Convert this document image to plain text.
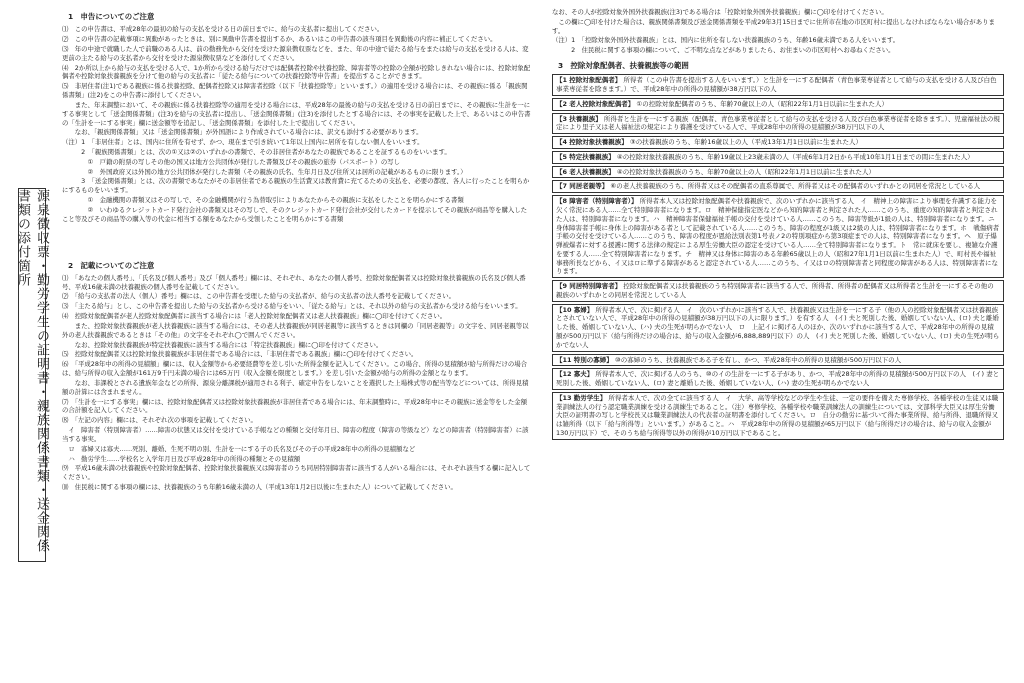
源泉徴収票・勤労学生の証明書・親族関係書類・送金関係書類の添付箇所
1　申告についてのご注意
⑴　この申告書は、平成28年の最初の給与の支払を受ける日の前日までに、給与の支払者に提出してください。
⑵　この申告書の記載事項に異動があったときは、別に異動申告書を提出するか、あるいはこの申告書の該当項目を異動後の内容に補正してください。
⑶　年の中途で就職した人で前職のある人は、前の勤務先から交付を受けた源泉徴収票などを、また、年の中途で従たる給与をまたは給与の支払を受ける人は、変更前の主たる給与の支払者から交付を受けた源泉徴収票などを添付してください。
⑷　2か所以上から給与の支払を受ける人で、1か所から受ける給与だけでは配偶者控除や扶養控除、障害者等の控除の全額が控除しきれない場合には、控除対象配偶者や控除対象扶養親族を分けて他の給与の支払者に「従たる給与についての扶養控除等申告書」を提出することができます。
⑸　非居住者(注1)である親族に係る扶養控除、配偶者控除又は障害者控除（以下「扶養控除等」といいます。）の適用を受ける場合には、その親族に係る「親族関係書類」(注2)をこの申告書に添付してください。
　　また、年末調整において、その親族に係る扶養控除等の適用を受ける場合には、平成28年の最後の給与の支払を受ける日の前日までに、その親族に生計を一にする事実として「送金関係書類」(注3)を給与の支払者に提出し、「送金関係書類」(注3)を添付したとする場合には、その事実を記載した上で、あるいはこの申告書の「生計を一にする事実」欄に送金額等を追記し、「送金関係書類」を添付した上で提出してください。
　　なお、「親族関係書類」又は「送金関係書類」が外国語により作成されている場合には、訳文も添付する必要があります。
（注）1　「非居住者」とは、国内に住所を有せず、かつ、現在まで引き続いて1年以上国内に居所を有しない個人をいいます。
　　　2　「親族関係書類」とは、次の①又は②のいずれかの書類で、その非居住者があなたの親族であることを証するものをいいます。
　　　　①　戸籍の附票の写しその他の国又は地方公共団体が発行した書類及びその親族の旅券（パスポート）の写し
　　　　②　外国政府又は外国の地方公共団体が発行した書類（その親族の氏名、生年月日及び住所又は居所の記載があるものに限ります。）
　　　3　「送金関係書類」とは、次の書類であなたがその非居住者である親族の生活費又は教育費に充てるための支払を、必要の都度、各人に行ったことを明らかにするものをいいます。
　　　　①　金融機関の書類又はその写しで、その金融機関が行う為替取引によりあなたからその親族に支払をしたことを明らかにする書類
　　　　②　いわゆるクレジットカード発行会社の書類又はその写しで、そのクレジットカード発行会社が交付したカードを提示してその親族が商品等を購入したこと等及びその商品等の購入等の代金に相当する額をあなたから受領したことを明らかにする書類
2　記載についてのご注意
⑴　「あなたの個人番号」、「氏名及び個人番号」及び「個人番号」欄には、それぞれ、あなたの個人番号、控除対象配偶者又は控除対象扶養親族の氏名及び個人番号、平成16歳未満の扶養親族の個人番号を記載してください。
⑵　「給与の支払者の法人（個人）番号」欄には、この申告書を受理した給与の支払者が、給与の支払者の法人番号を記載してください。
⑶　「主たる給与」とし、この申告書を提出した給与の支払者から受ける給与をいい、「従たる給与」とは、それ以外の給与の支払者から受ける給与をいいます。
⑷　控除対象配偶者が老人控除対象配偶者に該当する場合には「老人控除対象配偶者又は老人扶養親族」欄に◯印を付けてください。
　　また、控除対象扶養親族が老人扶養親族に該当する場合には、その老人扶養親族が同居老親等に該当するときは同欄の「同居老親等」の文字を、同居老親等以外の老人扶養親族であるときは「その他」の文字をそれぞれ◯で囲んでください。
　　なお、控除対象扶養親族が特定扶養親族に該当する場合には「特定扶養親族」欄に◯印を付けてください。
⑸　控除対象配偶者又は控除対象扶養親族が非居住者である場合には、「非居住者である親族」欄に◯印を付けてください。
⑹　「平成28年中の所得の見積額」欄には、収入金額等から必要経費等を差し引いた所得金額を記入してください。この場合、所得の見積額が給与所得だけの場合は、給与所得の収入金額が161万9千円未満の場合には65万円（収入金額を限度とします。）を差し引いた金額が給与の所得の金額となります。
　　なお、非課税とされる遺族年金などの所得、源泉分離課税が適用される利子、確定申告をしないことを選択した上場株式等の配当等などについては、所得見積額の計算には含まれません。
⑺　「生計を一にする事実」欄には、控除対象配偶者又は控除対象扶養親族が非居住者である場合には、年末調整時に、平成28年中にその親族に送金等をした金額の合計額を記入してください。
⑻　「左記の内容」欄には、それぞれ次の事項を記載してください。
　イ　障害者（特別障害者）……障害の状態又は交付を受けている手帳などの種類と交付年月日、障害の程度（障害の等級など）などの障害者（特別障害者）に該当する事実。
　ロ　寡婦又は寡夫……死別、離婚、生死不明の別、生計を一にする子の氏名及びその子の平成28年中の所得の見積額など
　ハ　勤労学生……学校名と入学年月日及び平成28年中の所得の種類とその見積額
⑼　平成16歳未満の扶養親族や控除対象配偶者、控除対象扶養親族又は障害者のうち同居特別障害者に該当する人がいる場合には、それぞれ該当する欄に記入してください。
⑽　住民税に関する事項の欄には、扶養親族のうち年齢16歳未満の人（平成13年1月2日以後に生まれた人）について記載してください。
なお、その人が控除対象外国外扶養親族(注3)である場合は「控除対象外国外扶養親族」欄に◯印を付けてください。
　この欄に◯印を付けた場合は、親族関係書類及び送金関係書類を平成29年3月15日までに住所市在地の市区町村に提出しなければならない場合があります。
（注）1　「控除対象外国外扶養親族」とは、国内に住所を有しない扶養親族のうち、年齢16歳未満である人をいいます。
　　　2　住民税に関する事項の欄について、ご不明な点などがありましたら、お住まいの市区町村へお尋ねください。
3　控除対象配偶者、扶養親族等の範囲
【1 控除対象配偶者】 所得者（この申告書を提出する人をいいます。）と生計を一にする配偶者（青色事業専従者として給与の支払を受ける人及び白色事業専従者を除きます。）で、平成28年中の所得の見積額が38万円以下の人
【2 老人控除対象配偶者】 ①の控除対象配偶者のうち、年齢70歳以上の人（昭和22年1月1日以前に生まれた人）
【3 扶養親族】 所得者と生計を一にする親族（配偶者、青色事業専従者として給与の支払を受ける人及び白色事業専従者を除きます。）、児童福祉法の規定により里子又は老人福祉法の規定により養護を受けている人で、平成28年中の所得の見積額が38万円以下の人
【4 控除対象扶養親族】 ③の扶養親族のうち、年齢16歳以上の人（平成13年1月1日以前に生まれた人）
【5 特定扶養親族】 ④の控除対象扶養親族のうち、年齢19歳以上23歳未満の人（平成6年1月2日から平成10年1月1日までの間に生まれた人）
【6 老人扶養親族】 ④の控除対象扶養親族のうち、年齢70歳以上の人（昭和22年1月1日以前に生まれた人）
【7 同居老親等】 ⑥の老人扶養親族のうち、所得者又はその配偶者の直系尊属で、所得者又はその配偶者のいずれかとの同居を常況としている人
【8 障害者（特別障害者）】 所得者本人又は控除対象配偶者や扶養親族で、次のいずれかに該当する人　イ　精神上の障害により事理を弁識する能力を欠く常況にある人……全て特別障害者になります。ロ　精神保健指定医などから知的障害者と判定された人……このうち、重度の知的障害者と判定された人は、特別障害者になります。ハ　精神障害者保健福祉手帳の交付を受けている人……このうち、障害等級が1級の人は、特別障害者になります。ニ　身体障害者手帳に身体上の障害がある者として記載されている人……このうち、障害の程度が1級又は2級の人は、特別障害者になります。ホ　戦傷病者手帳の交付を受けている人……このうち、障害の程度が恩給法別表第1号表ノ2の特別項症から第3項症までの人は、特別障害者になります。ヘ　原子爆弾被爆者に対する援護に関する法律の規定による厚生労働大臣の認定を受けている人……全て特別障害者になります。ト　常に就床を要し、複雑な介護を要する人……全て特別障害者になります。チ　精神又は身体に障害のある年齢65歳以上の人（昭和27年1月1日以前に生まれた人）で、町村長や福祉事務所長などから、イ又はロに準ずる障害があると認定されている人……このうち、イ又はロの特別障害者と同程度の障害がある人は、特別障害者になります。
【9 同居特別障害者】 控除対象配偶者又は扶養親族のうち特別障害者に該当する人で、所得者、所得者の配偶者又は所得者と生計を一にするその他の親族のいずれかとの同居を常況としている人
【10 寡婦】 所得者本人で、次に掲げる人　イ　次のいずれかに該当する人で、扶養親族又は生計を一にする子（他の人の控除対象配偶者又は扶養親族とされていない人で、平成28年中の所得の見積額が38万円以下の人に限ります。）を有する人　(イ) 夫と死別した後、婚姻していない人、(ロ) 夫と離婚した後、婚姻していない人、(ハ) 夫の生死が明らかでない人　ロ　上記イに掲げる人のほか、次のいずれかに該当する人で、平成28年中の所得の見積額が500万円以下（給与所得だけの場合は、給与の収入金額が6,888,889円以下）の人　(イ) 夫と死別した後、婚姻していない人、(ロ) 夫の生死が明らかでない人
【11 特別の寡婦】 ⑩の寡婦のうち、扶養親族である子を有し、かつ、平成28年中の所得の見積額が500万円以下の人
【12 寡夫】 所得者本人で、次に掲げる人のうち、⑩のイの生計を一にする子があり、かつ、平成28年中の所得の見積額が500万円以下の人　(イ) 妻と死別した後、婚姻していない人、(ロ) 妻と離婚した後、婚姻していない人、(ハ) 妻の生死が明らかでない人
【13 勤労学生】 所得者本人で、次の全てに該当する人　イ　大学、高等学校などの学生や生徒、一定の要件を備えた専修学校、各種学校の生徒又は職業訓練法人の行う認定職業訓練を受ける訓練生であること。（注）専修学校、各種学校や職業訓練法人の訓練生については、文部科学大臣又は厚生労働大臣の証明書の写しと学校長又は職業訓練法人の代表者の証明書を添付してください。ロ　自分の勤労に基づいて得た事業所得、給与所得、退職所得又は雑所得（以下「給与所得等」といいます。）があること。ハ　平成28年中の所得の見積額が65万円以下（給与所得だけの場合は、給与の収入金額が130万円以下）で、そのうち給与所得等以外の所得が10万円以下であること。
